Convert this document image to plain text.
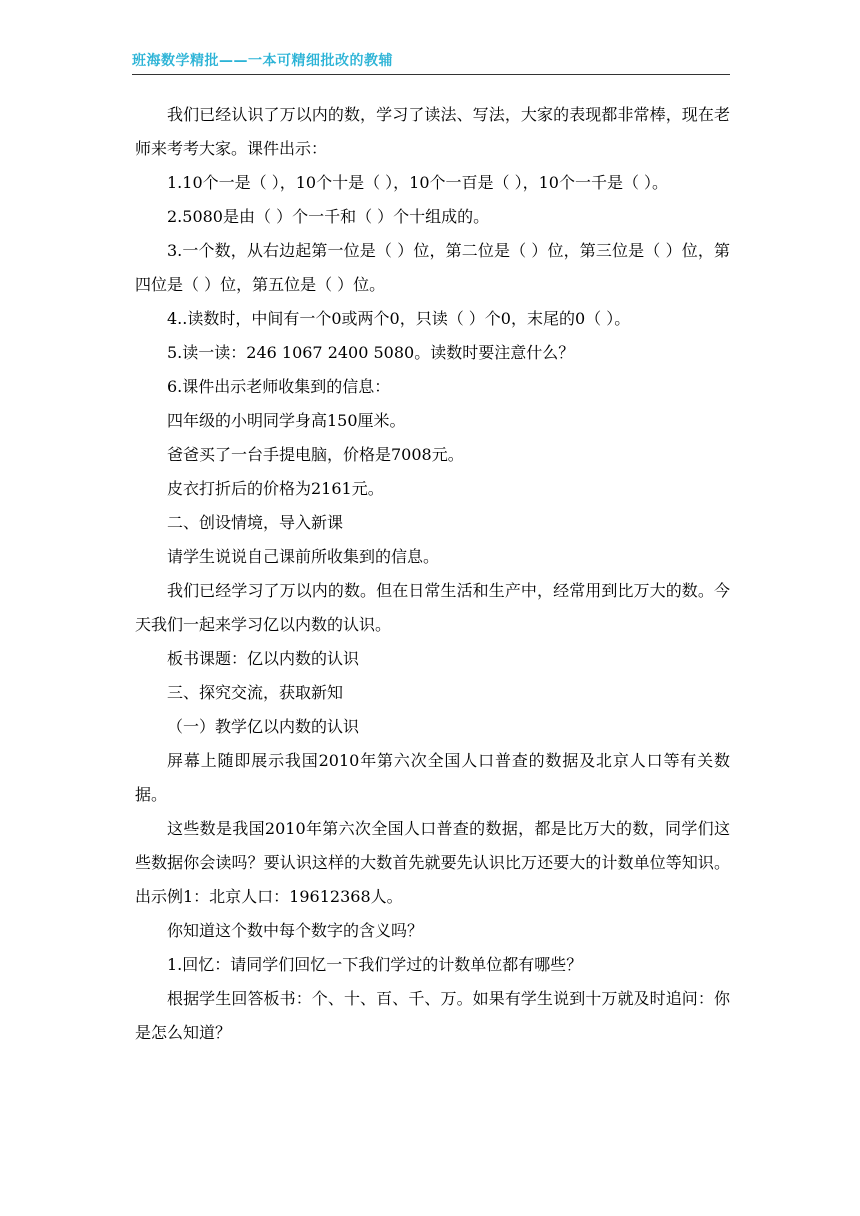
班海数学精批——一本可精细批改的教辅

我们已经认识了万以内的数，学习了读法、写法，大家的表现都非常棒，现在老师来考考大家。课件出示：

1.10个一是（ ），10个十是（ ），10个一百是（ ），10个一千是（ ）。

2.5080是由（ ）个一千和（ ）个十组成的。

3.一个数，从右边起第一位是（ ）位，第二位是（ ）位，第三位是（ ）位，第四位是（ ）位，第五位是（ ）位。

4..读数时，中间有一个0或两个0，只读（ ）个0，末尾的0（ ）。

5.读一读：246 1067 2400 5080。读数时要注意什么？

6.课件出示老师收集到的信息：

四年级的小明同学身高150厘米。

爸爸买了一台手提电脑，价格是7008元。

皮衣打折后的价格为2161元。

二、创设情境，导入新课

请学生说说自己课前所收集到的信息。

我们已经学习了万以内的数。但在日常生活和生产中，经常用到比万大的数。今天我们一起来学习亿以内数的认识。

板书课题：亿以内数的认识

三、探究交流，获取新知

（一）教学亿以内数的认识

屏幕上随即展示我国2010年第六次全国人口普查的数据及北京人口等有关数据。

这些数是我国2010年第六次全国人口普查的数据，都是比万大的数，同学们这些数据你会读吗？要认识这样的大数首先就要先认识比万还要大的计数单位等知识。出示例1：北京人口：19612368人。

你知道这个数中每个数字的含义吗？

1.回忆：请同学们回忆一下我们学过的计数单位都有哪些？

根据学生回答板书：个、十、百、千、万。如果有学生说到十万就及时追问：你是怎么知道？
